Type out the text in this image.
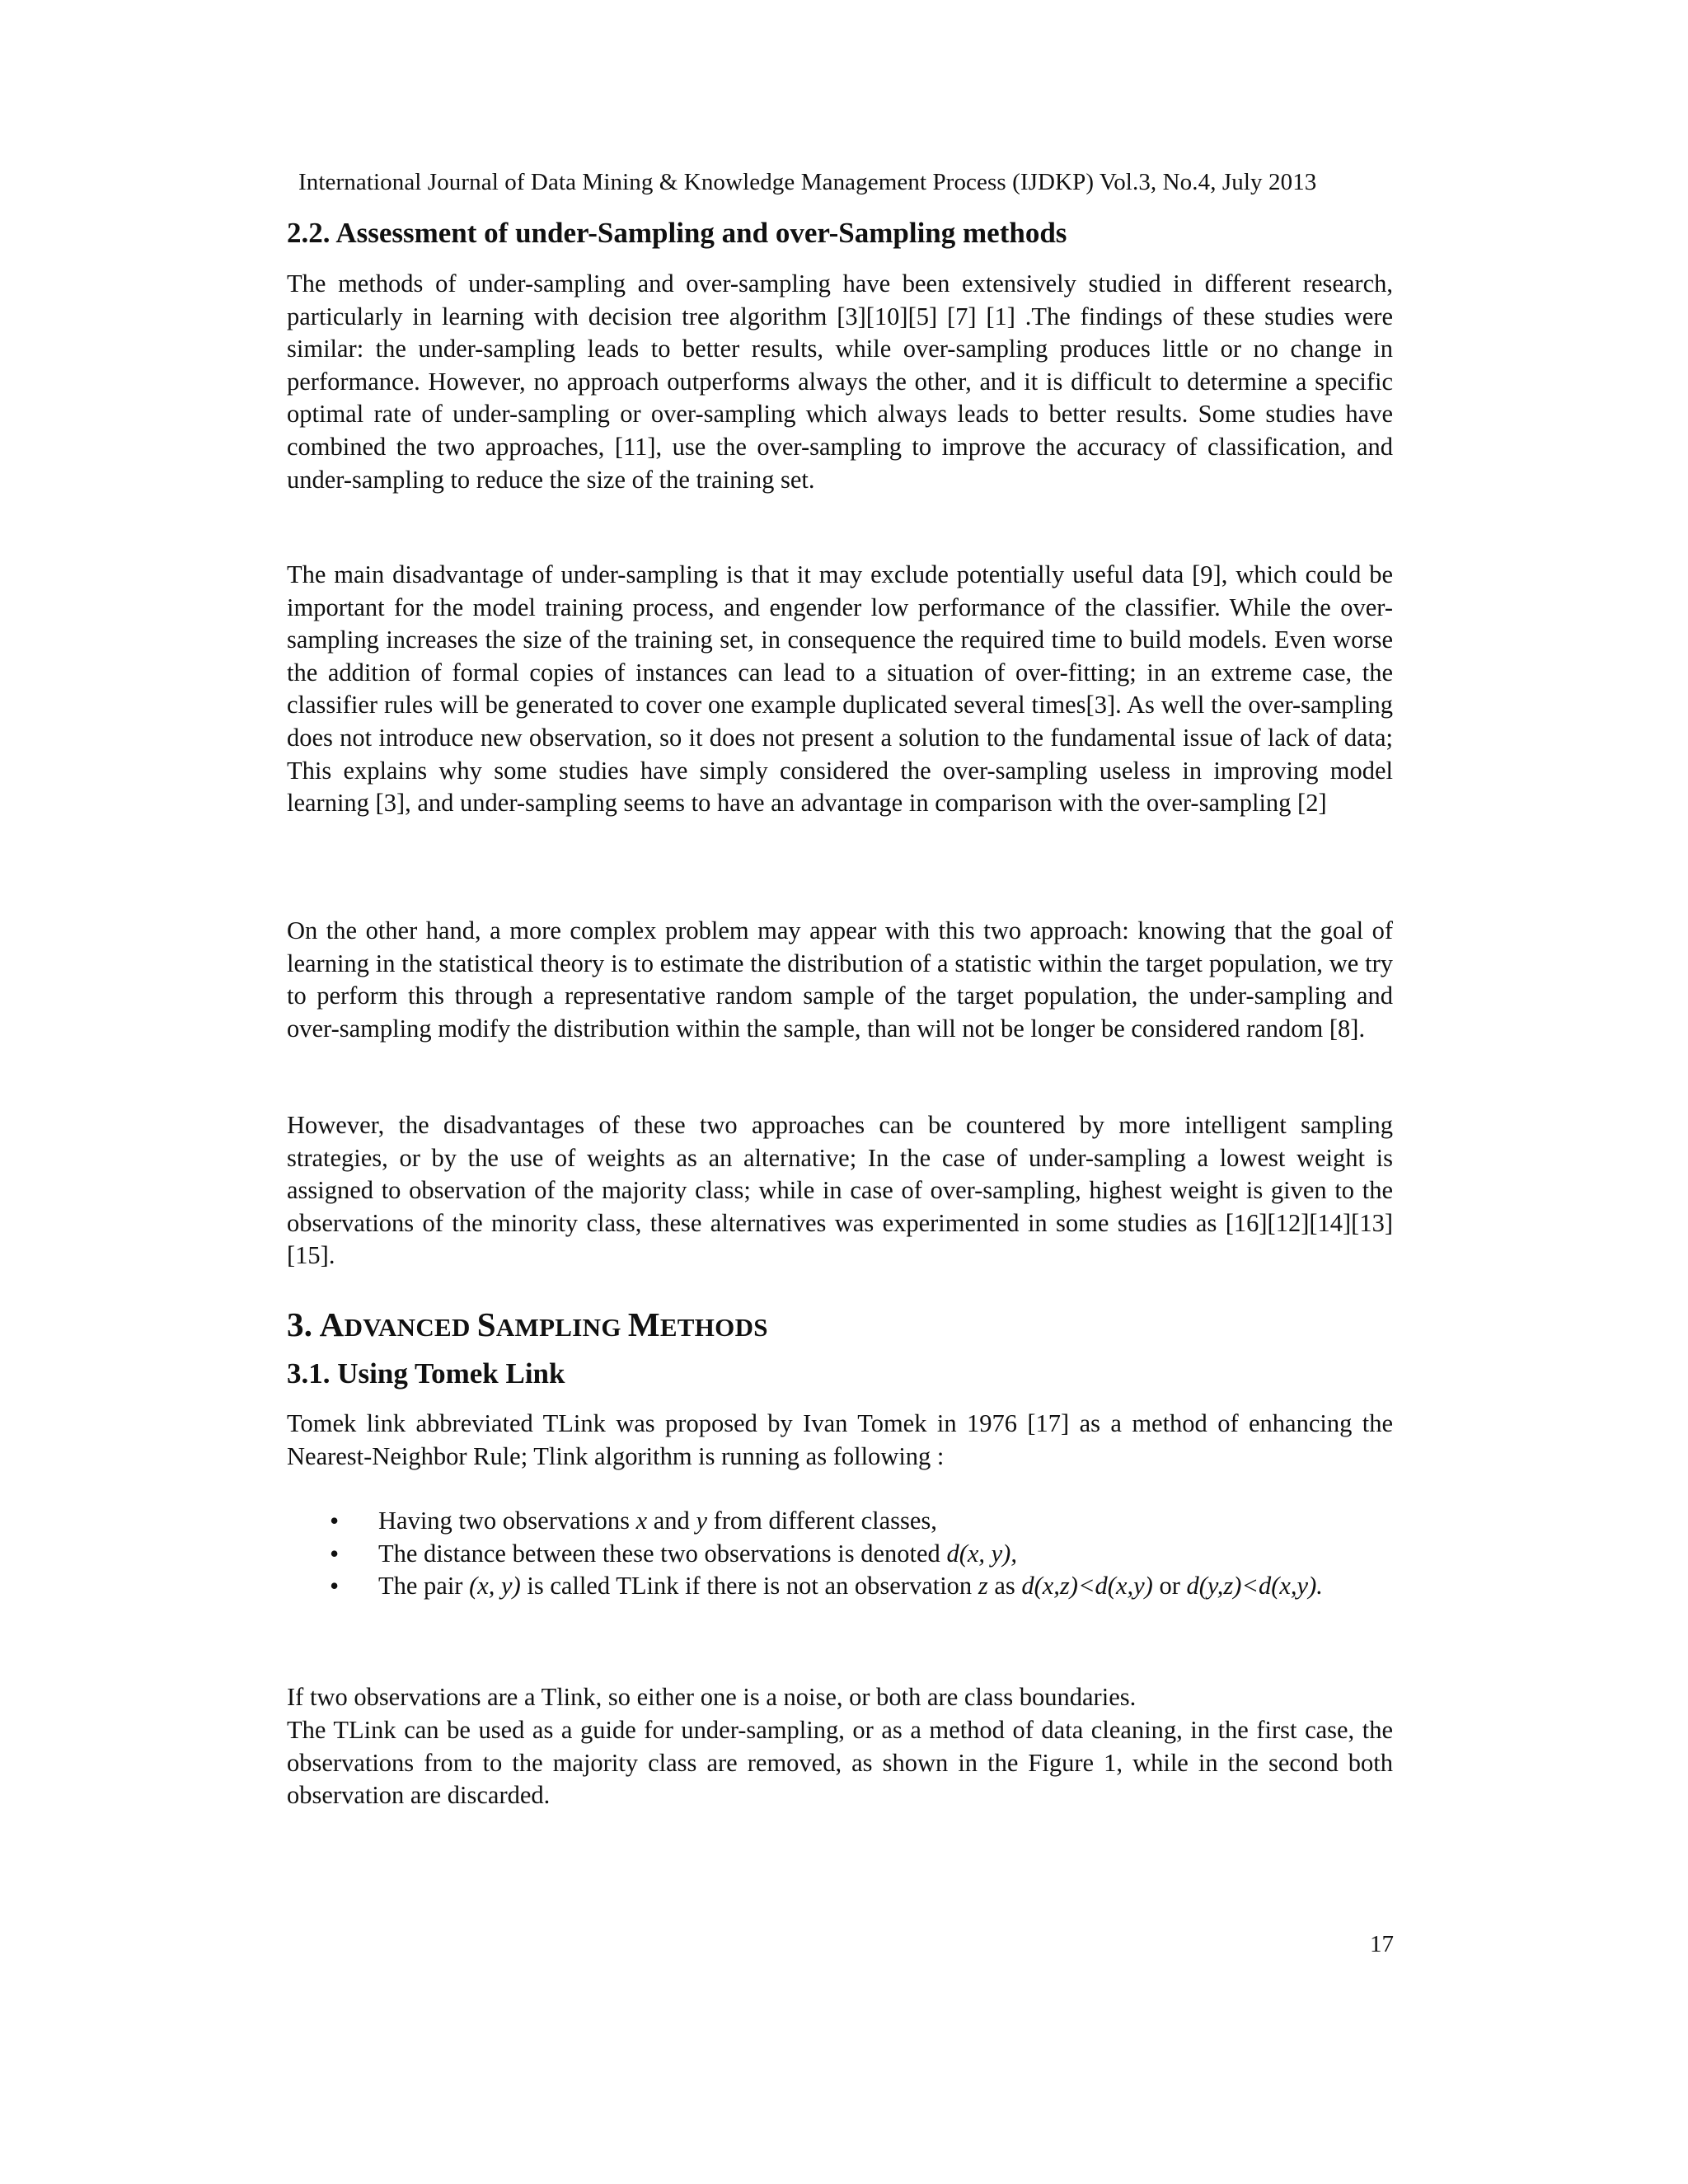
International Journal of Data Mining & Knowledge Management Process (IJDKP) Vol.3, No.4, July 2013
2.2. Assessment of under-Sampling and over-Sampling methods

The methods of under-sampling and over-sampling have been extensively studied in different research, particularly in learning with decision tree algorithm [3][10][5] [7] [1] .The findings of these studies were similar: the under-sampling leads to better results, while over-sampling produces little or no change in performance. However, no approach outperforms always the other, and it is difficult to determine a specific optimal rate of under-sampling or over-sampling which always leads to better results. Some studies have combined the two approaches, [11], use the over-sampling to improve the accuracy of classification, and under-sampling to reduce the size of the training set.

The main disadvantage of under-sampling is that it may exclude potentially useful data [9], which could be important for the model training process, and engender low performance of the classifier. While the over-sampling increases the size of the training set, in consequence the required time to build models. Even worse the addition of formal copies of instances can lead to a situation of over-fitting; in an extreme case, the classifier rules will be generated to cover one example duplicated several times[3]. As well the over-sampling does not introduce new observation, so it does not present a solution to the fundamental issue of lack of data; This explains why some studies have simply considered the over-sampling useless in improving model learning [3], and under-sampling seems to have an advantage in comparison with the over-sampling [2]

On the other hand, a more complex problem may appear with this two approach: knowing that the goal of learning in the statistical theory is to estimate the distribution of a statistic within the target population, we try to perform this through a representative random sample of the target population, the under-sampling and over-sampling modify the distribution within the sample, than will not be longer be considered random [8].

However, the disadvantages of these two approaches can be countered by more intelligent sampling strategies, or by the use of weights as an alternative; In the case of under-sampling a lowest weight is assigned to observation of the majority class; while in case of over-sampling, highest weight is given to the observations of the minority class, these alternatives was experimented in some studies as [16][12][14][13][15].

3. ADVANCED SAMPLING METHODS
3.1. Using Tomek Link

Tomek link abbreviated TLink was proposed by Ivan Tomek in 1976 [17] as a method of enhancing the Nearest-Neighbor Rule; Tlink algorithm is running as following :

• Having two observations x and y from different classes,
• The distance between these two observations is denoted d(x, y),
• The pair (x, y) is called TLink if there is not an observation z as d(x,z)<d(x,y) or d(y,z)<d(x,y).

If two observations are a Tlink, so either one is a noise, or both are class boundaries.

The TLink can be used as a guide for under-sampling, or as a method of data cleaning, in the first case, the observations from to the majority class are removed, as shown in the Figure 1, while in the second both observation are discarded.

17
